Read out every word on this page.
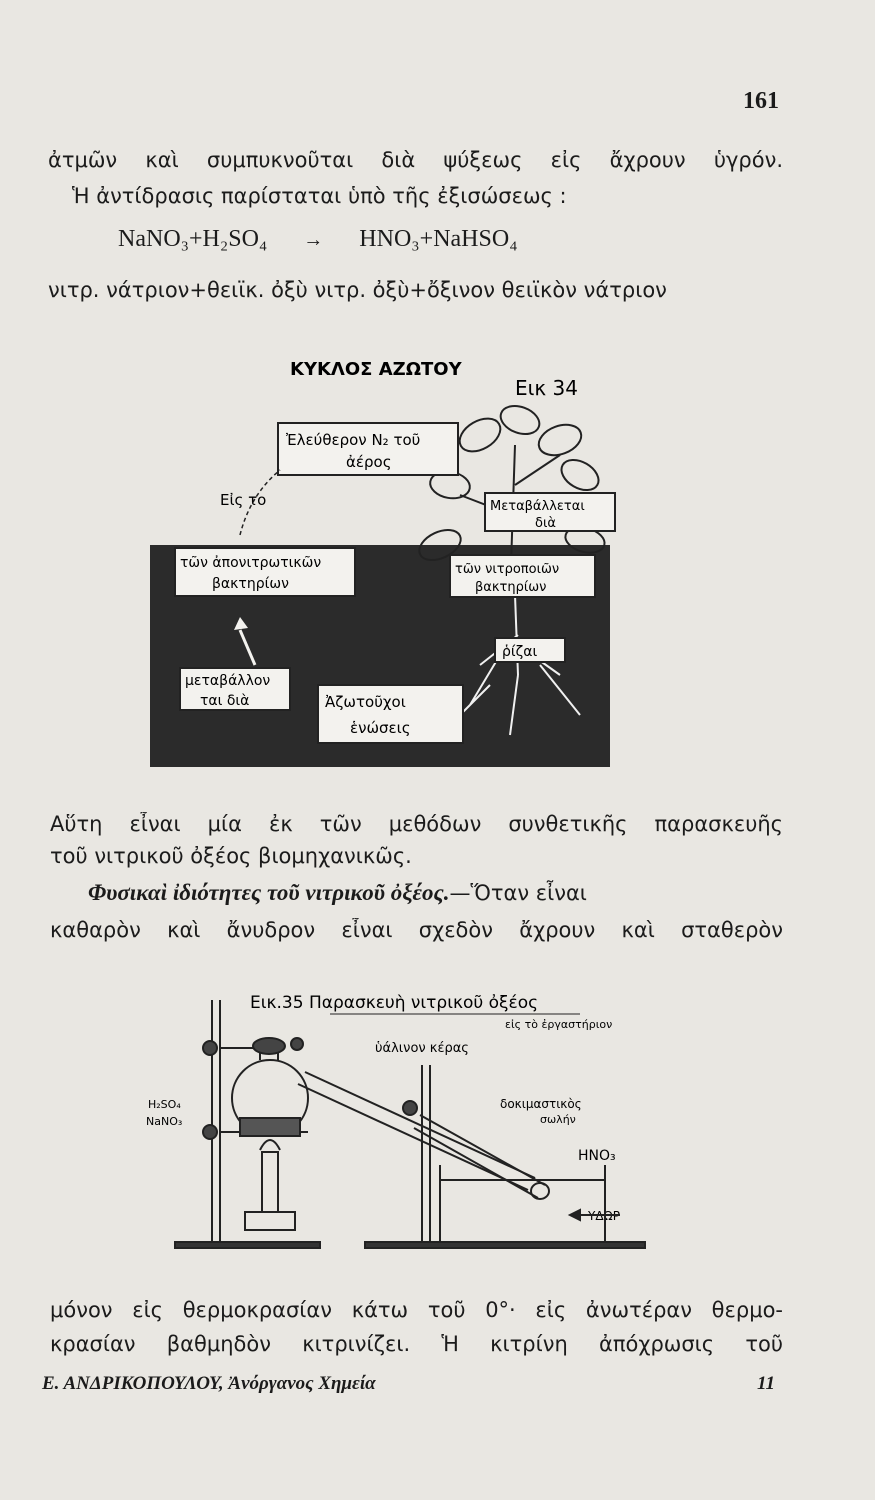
161
ἀτμῶν καὶ συμπυκνοῦται διὰ ψύξεως εἰς ἄχρουν ὑγρόν.
Ἡ ἀντίδρασις παρίσταται ὑπὸ τῆς ἐξισώσεως :
NaNO₃+H₂SO₄ → HNO₃+NaHSO₄
νιτρ. νάτριον+θειϊκ. ὀξὺ νιτρ. ὀξὺ+ὄξινον θειϊκὸν νάτριον
ΚΥΚΛΟΣ ΑΖΩΤΟΥ
Εικ 34
Ἐλεύθερον N₂ τοῦ
ἀέρος
Εἰς το
τῶν ἀπονιτρωτικῶν
βακτηρίων
Μεταβάλλεται
διὰ
τῶν νιτροποιῶν
βακτηρίων
ῥίζαι
μεταβάλλον
ται διὰ	Ἀζωτοῦχοι
ἑνώσεις
Αὕτη εἶναι μία ἐκ τῶν μεθόδων συνθετικῆς παρασκευῆς
τοῦ νιτρικοῦ ὀξέος βιομηχανικῶς.
Φυσικαὶ ἰδιότητες τοῦ νιτρικοῦ ὀξέος.—Ὅταν εἶναι
καθαρὸν καὶ ἄνυδρον εἶναι σχεδὸν ἄχρουν καὶ σταθερὸν
Εικ.35 Παρασκευὴ νιτρικοῦ ὀξέος
εἰς τὸ ἐργαστήριον
ὑάλινον κέρας
δοκιμαστικὸς
σωλήν
H₂SO₄
NaNO₃
HNO₃
ΥΔΩΡ
μόνον εἰς θερμοκρασίαν κάτω τοῦ 0°· εἰς ἀνωτέραν θερμο-
κρασίαν βαθμηδὸν κιτρινίζει. Ἡ κιτρίνη ἀπόχρωσις τοῦ
Ε. ΑΝΔΡΙΚΟΠΟΥΛΟΥ, Ἀνόργανος Χημεία	11
